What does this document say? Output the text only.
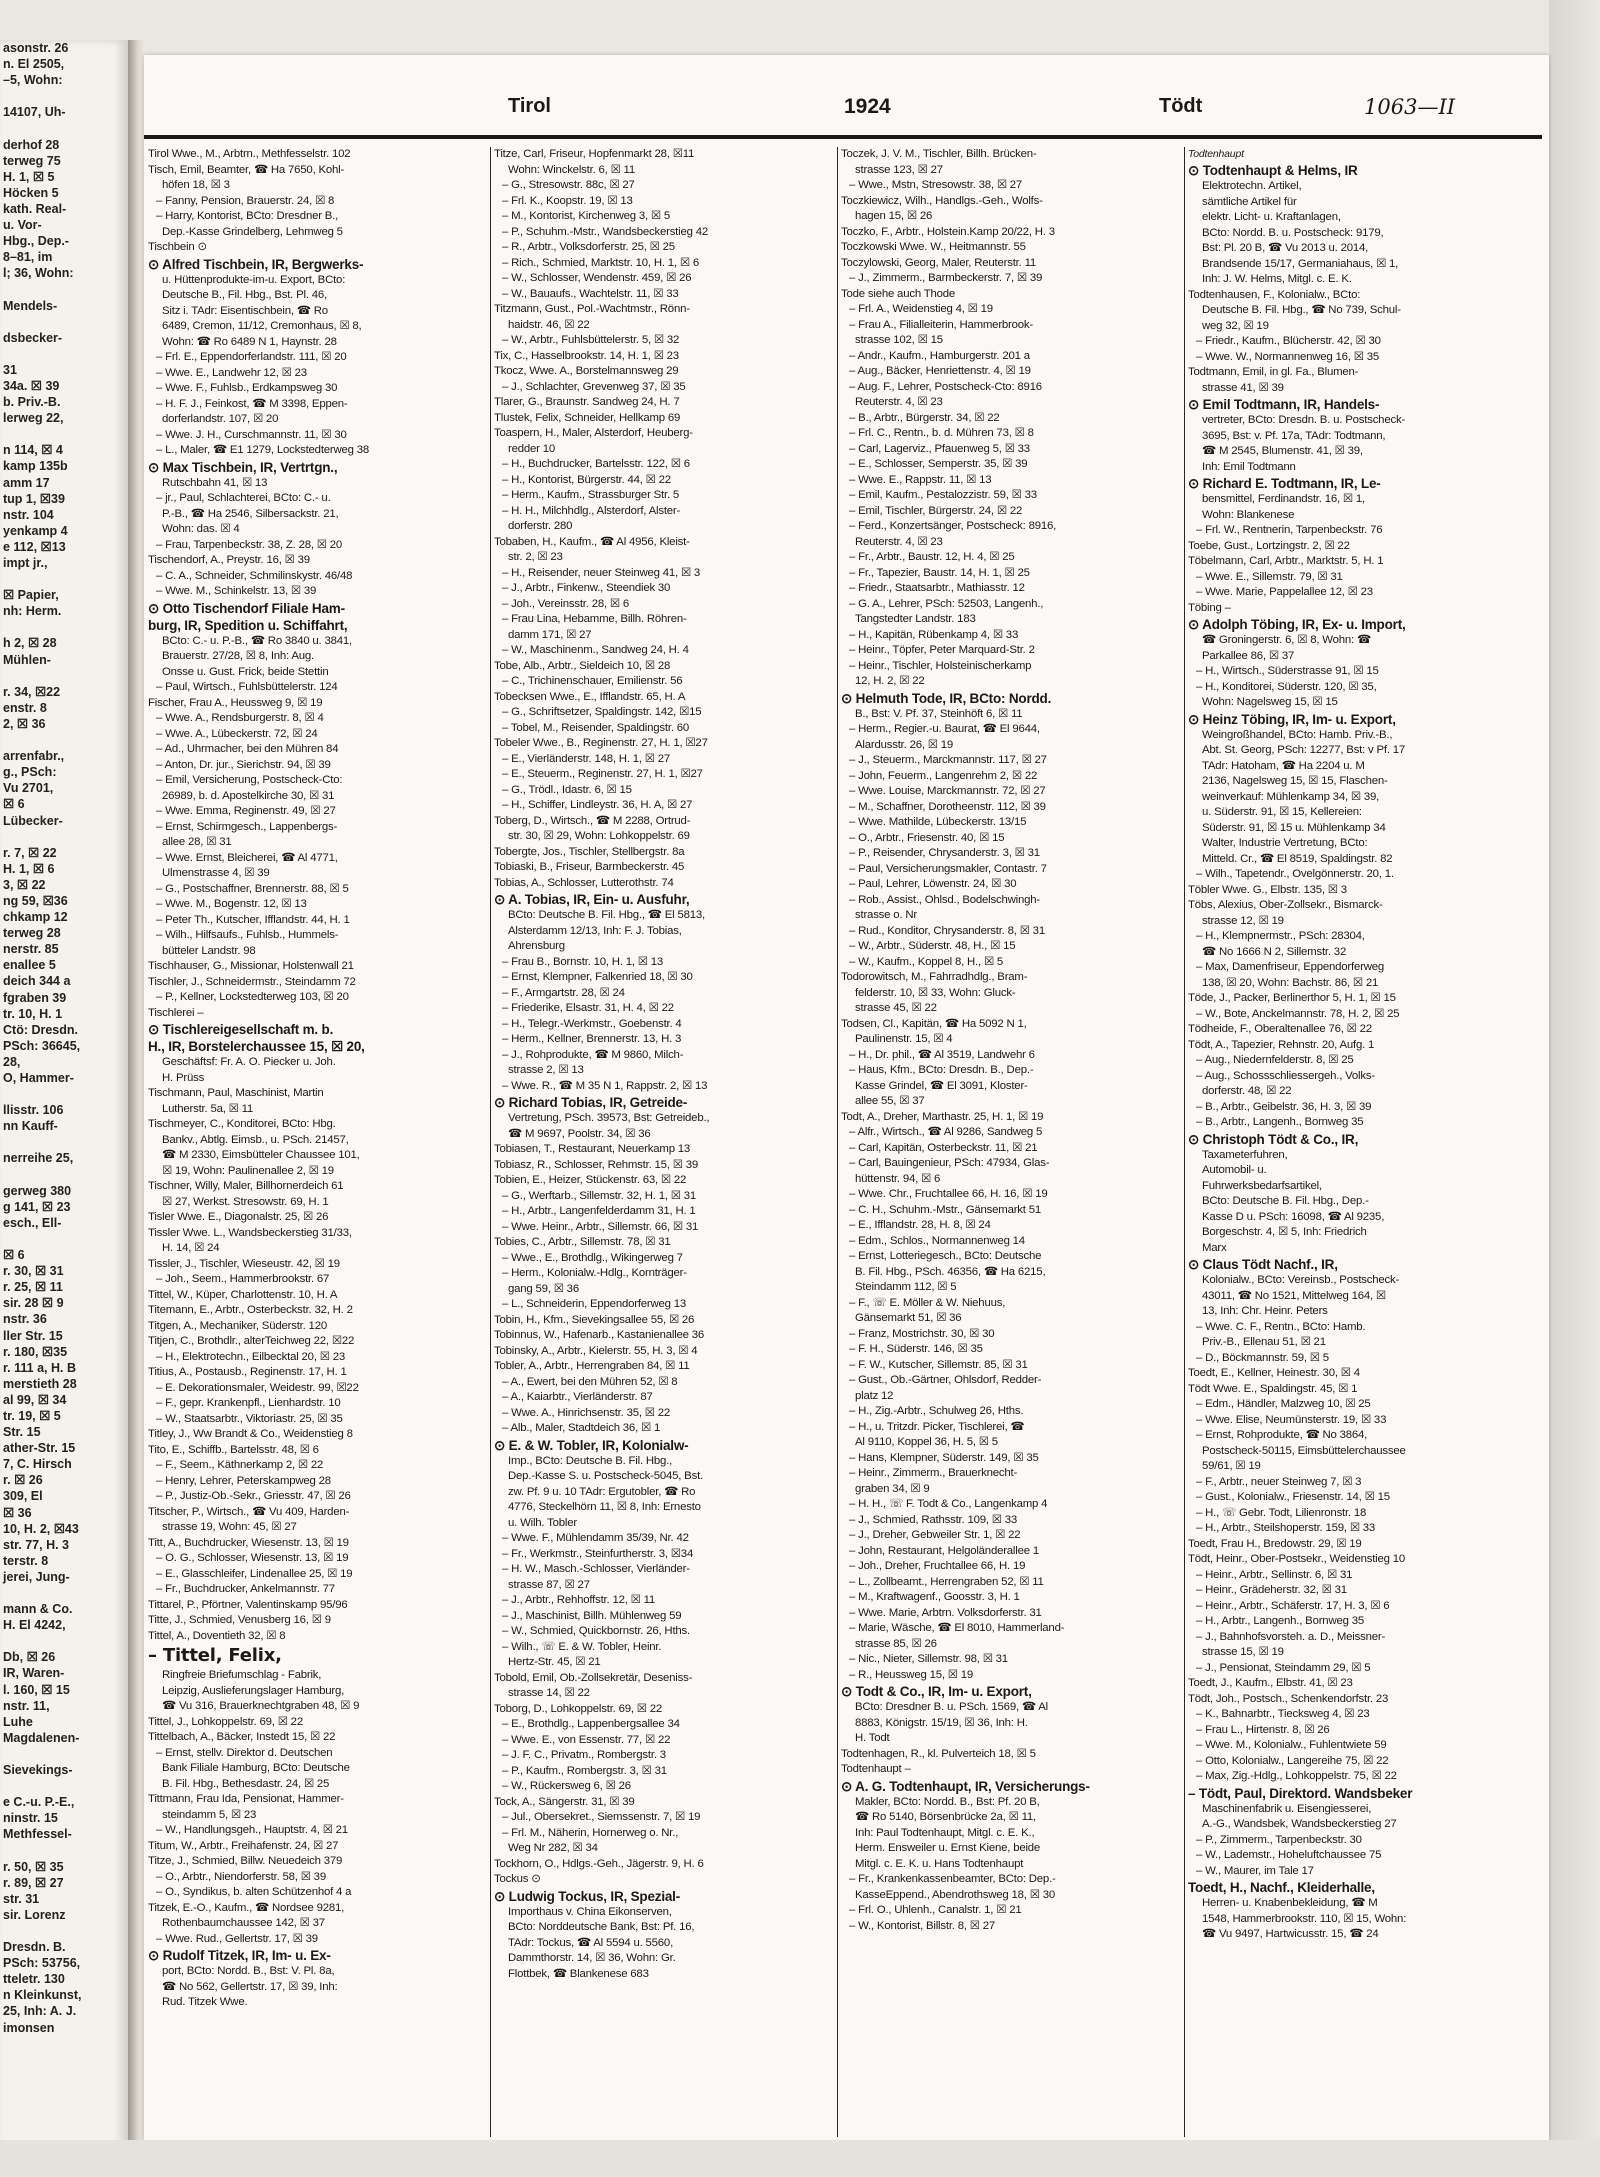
asonstr. 26
n. El 2505,
–5, Wohn:

14107, Uh-

derhof 28
terweg 75
H. 1, ☒ 5
Höcken 5
kath. Real-
u. Vor-
Hbg., Dep.-
8–81, im
l; 36, Wohn:

Mendels-

dsbecker-

31
34a. ☒ 39
b. Priv.-B.
lerweg 22,

n 114, ☒ 4
kamp 135b
amm 17
tup 1, ☒39
nstr. 104
yenkamp 4
e 112, ☒13
impt jr.,

☒ Papier,
nh: Herm.

h 2, ☒ 28
Mühlen-

r. 34, ☒22
enstr. 8
2, ☒ 36

arrenfabr.,
g., PSch:
Vu 2701,
☒ 6
Lübecker-

r. 7, ☒ 22
H. 1, ☒ 6
3, ☒ 22
ng 59, ☒36
chkamp 12
terweg 28
nerstr. 85
enallee 5
deich 344 a
fgraben 39
tr. 10, H. 1
Ctö: Dresdn.
PSch: 36645,
28,
O, Hammer-

llisstr. 106
nn Kauff-

nerreihe 25,

gerweg 380
g 141, ☒ 23
esch., Ell-

☒ 6
r. 30, ☒ 31
r. 25, ☒ 11
sir. 28 ☒ 9
nstr. 36
ller Str. 15
r. 180, ☒35
r. 111 a, H. B
merstieth 28
al 99, ☒ 34
tr. 19, ☒ 5
Str. 15
ather-Str. 15
7, C. Hirsch
r. ☒ 26
309, El
☒ 36
10, H. 2, ☒43
str. 77, H. 3
terstr. 8
jerei, Jung-

mann & Co.
H. El 4242,

Db, ☒ 26
IR, Waren-
l. 160, ☒ 15
nstr. 11,
Luhe
Magdalenen-

Sievekings-

e C.-u. P.-E.,
ninstr. 15
Methfessel-

r. 50, ☒ 35
r. 89, ☒ 27
str. 31
sir. Lorenz

Dresdn. B.
PSch: 53756,
tteletr. 130
n Kleinkunst,
25, Inh: A. J.
imonsen
Tirol	1924	Tödt	1063—II
Tirol Wwe., M., Arbtrn., Methfesselstr. 102
Tisch, Emil, Beamter, ☎ Ha 7650, Kohl-
höfen 18, ☒ 3
– Fanny, Pension, Brauerstr. 24, ☒ 8
– Harry, Kontorist, BCto: Dresdner B.,
Dep.-Kasse Grindelberg, Lehmweg 5
Tischbein ⊙
⊙ Alfred Tischbein, IR, Bergwerks-
u. Hüttenprodukte-im-u. Export, BCto:
Deutsche B., Fil. Hbg., Bst. Pl. 46,
Sitz i. TAdr: Eisentischbein, ☎ Ro
6489, Cremon, 11/12, Cremonhaus, ☒ 8,
Wohn: ☎ Ro 6489 N 1, Haynstr. 28
– Frl. E., Eppendorferlandstr. 111, ☒ 20
– Wwe. E., Landwehr 12, ☒ 23
– Wwe. F., Fuhlsb., Erdkampsweg 30
– H. F. J., Feinkost, ☎ M 3398, Eppen-
dorferlandstr. 107, ☒ 20
– Wwe. J. H., Curschmannstr. 11, ☒ 30
– L., Maler, ☎ E1 1279, Lockstedterweg 38
⊙ Max Tischbein, IR, Vertrtgn.,
Rutschbahn 41, ☒ 13
– jr., Paul, Schlachterei, BCto: C.- u.
P.-B., ☎ Ha 2546, Silbersackstr. 21,
Wohn: das. ☒ 4
– Frau, Tarpenbeckstr. 38, Z. 28, ☒ 20
Tischendorf, A., Preystr. 16, ☒ 39
– C. A., Schneider, Schmilinskystr. 46/48
– Wwe. M., Schinkelstr. 13, ☒ 39
⊙ Otto Tischendorf Filiale Ham-
burg, IR, Spedition u. Schiffahrt,
BCto: C.- u. P.-B., ☎ Ro 3840 u. 3841,
Brauerstr. 27/28, ☒ 8, Inh: Aug.
Onsse u. Gust. Frick, beide Stettin
– Paul, Wirtsch., Fuhlsbüttelerstr. 124
Fischer, Frau A., Heussweg 9, ☒ 19
– Wwe. A., Rendsburgerstr. 8, ☒ 4
– Wwe. A., Lübeckerstr. 72, ☒ 24
– Ad., Uhrmacher, bei den Mühren 84
– Anton, Dr. jur., Sierichstr. 94, ☒ 39
– Emil, Versicherung, Postscheck-Cto:
26989, b. d. Apostelkirche 30, ☒ 31
– Wwe. Emma, Reginenstr. 49, ☒ 27
– Ernst, Schirmgesch., Lappenbergs-
allee 28, ☒ 31
– Wwe. Ernst, Bleicherei, ☎ Al 4771,
Ulmenstrasse 4, ☒ 39
– G., Postschaffner, Brennerstr. 88, ☒ 5
– Wwe. M., Bogenstr. 12, ☒ 13
– Peter Th., Kutscher, Ifflandstr. 44, H. 1
– Wilh., Hilfsaufs., Fuhlsb., Hummels-
bütteler Landstr. 98
Tischhauser, G., Missionar, Holstenwall 21
Tischler, J., Schneidermstr., Steindamm 72
– P., Kellner, Lockstedterweg 103, ☒ 20
Tischlerei –
⊙ Tischlereigesellschaft m. b.
H., IR, Borstelerchaussee 15, ☒ 20,
Geschäftsf: Fr. A. O. Piecker u. Joh.
H. Prüss
Tischmann, Paul, Maschinist, Martin
Lutherstr. 5a, ☒ 11
Tischmeyer, C., Konditorei, BCto: Hbg.
Bankv., Abtlg. Eimsb., u. PSch. 21457,
☎ M 2330, Eimsbütteler Chaussee 101,
☒ 19, Wohn: Paulinenallee 2, ☒ 19
Tischner, Willy, Maler, Billhornerdeich 61
☒ 27, Werkst. Stresowstr. 69, H. 1
Tisler Wwe. E., Diagonalstr. 25, ☒ 26
Tissler Wwe. L., Wandsbeckerstieg 31/33,
H. 14, ☒ 24
Tissler, J., Tischler, Wieseustr. 42, ☒ 19
– Joh., Seem., Hammerbrookstr. 67
Tittel, W., Küper, Charlottenstr. 10, H. A
Titemann, E., Arbtr., Osterbeckstr. 32, H. 2
Titgen, A., Mechaniker, Süderstr. 120
Titjen, C., Brothdlr., alterTeichweg 22, ☒22
– H., Elektrotechn., Eilbecktal 20, ☒ 23
Titius, A., Postausb., Reginenstr. 17, H. 1
– E. Dekorationsmaler, Weidestr. 99, ☒22
– F., gepr. Krankenpfl., Lienhardstr. 10
– W., Staatsarbtr., Viktoriastr. 25, ☒ 35
Titley, J., Ww Brandt & Co., Weidenstieg 8
Tito, E., Schiffb., Bartelsstr. 48, ☒ 6
– F., Seem., Käthnerkamp 2, ☒ 22
– Henry, Lehrer, Peterskampweg 28
– P., Justiz-Ob.-Sekr., Griesstr. 47, ☒ 26
Titscher, P., Wirtsch., ☎ Vu 409, Harden-
strasse 19, Wohn: 45, ☒ 27
Titt, A., Buchdrucker, Wiesenstr. 13, ☒ 19
– O. G., Schlosser, Wiesenstr. 13, ☒ 19
– E., Glasschleifer, Lindenallee 25, ☒ 19
– Fr., Buchdrucker, Ankelmannstr. 77
Tittarel, P., Pförtner, Valentinskamp 95/96
Titte, J., Schmied, Venusberg 16, ☒ 9
Tittel, A., Doventieth 32, ☒ 8
– Tittel, Felix,
Ringfreie Briefumschlag - Fabrik,
Leipzig, Auslieferungslager Hamburg,
☎ Vu 316, Brauerknechtgraben 48, ☒ 9
Tittel, J., Lohkoppelstr. 69, ☒ 22
Tittelbach, A., Bäcker, Instedt 15, ☒ 22
– Ernst, stellv. Direktor d. Deutschen
Bank Filiale Hamburg, BCto: Deutsche
B. Fil. Hbg., Bethesdastr. 24, ☒ 25
Tittmann, Frau Ida, Pensionat, Hammer-
steindamm 5, ☒ 23
– W., Handlungsgeh., Hauptstr. 4, ☒ 21
Titum, W., Arbtr., Freihafenstr. 24, ☒ 27
Titze, J., Schmied, Billw. Neuedeich 379
– O., Arbtr., Niendorferstr. 58, ☒ 39
– O., Syndikus, b. alten Schützenhof 4 a
Titzek, E.-O., Kaufm., ☎ Nordsee 9281,
Rothenbaumchaussee 142, ☒ 37
– Wwe. Rud., Gellertstr. 17, ☒ 39
⊙ Rudolf Titzek, IR, Im- u. Ex-
port, BCto: Nordd. B., Bst: V. Pl. 8a,
☎ No 562, Gellertstr. 17, ☒ 39, Inh:
Rud. Titzek Wwe.
Titze, Carl, Friseur, Hopfenmarkt 28, ☒11
Wohn: Winckelstr. 6, ☒ 11
– G., Stresowstr. 88c, ☒ 27
– Frl. K., Koopstr. 19, ☒ 13
– M., Kontorist, Kirchenweg 3, ☒ 5
– P., Schuhm.-Mstr., Wandsbeckerstieg 42
– R., Arbtr., Volksdorferstr. 25, ☒ 25
– Rich., Schmied, Marktstr. 10, H. 1, ☒ 6
– W., Schlosser, Wendenstr. 459, ☒ 26
– W., Bauaufs., Wachtelstr. 11, ☒ 33
Titzmann, Gust., Pol.-Wachtmstr., Rönn-
haidstr. 46, ☒ 22
– W., Arbtr., Fuhlsbüttelerstr. 5, ☒ 32
Tix, C., Hasselbrookstr. 14, H. 1, ☒ 23
Tkocz, Wwe. A., Borstelmannsweg 29
– J., Schlachter, Grevenweg 37, ☒ 35
Tlarer, G., Braunstr. Sandweg 24, H. 7
Tlustek, Felix, Schneider, Hellkamp 69
Toaspern, H., Maler, Alsterdorf, Heuberg-
redder 10
– H., Buchdrucker, Bartelsstr. 122, ☒ 6
– H., Kontorist, Bürgerstr. 44, ☒ 22
– Herm., Kaufm., Strassburger Str. 5
– H. H., Milchhdlg., Alsterdorf, Alster-
dorferstr. 280
Tobaben, H., Kaufm., ☎ Al 4956, Kleist-
str. 2, ☒ 23
– H., Reisender, neuer Steinweg 41, ☒ 3
– J., Arbtr., Finkenw., Steendiek 30
– Joh., Vereinsstr. 28, ☒ 6
– Frau Lina, Hebamme, Billh. Röhren-
damm 171, ☒ 27
– W., Maschinenm., Sandweg 24, H. 4
Tobe, Alb., Arbtr., Sieldeich 10, ☒ 28
– C., Trichinenschauer, Emilienstr. 56
Tobecksen Wwe., E., Ifflandstr. 65, H. A
– G., Schriftsetzer, Spaldingstr. 142, ☒15
– Tobel, M., Reisender, Spaldingstr. 60
Tobeler Wwe., B., Reginenstr. 27, H. 1, ☒27
– E., Vierländerstr. 148, H. 1, ☒ 27
– E., Steuerm., Reginenstr. 27, H. 1, ☒27
– G., Trödl., Idastr. 6, ☒ 15
– H., Schiffer, Lindleystr. 36, H. A, ☒ 27
Toberg, D., Wirtsch., ☎ M 2288, Ortrud-
str. 30, ☒ 29, Wohn: Lohkoppelstr. 69
Tobergte, Jos., Tischler, Stellbergstr. 8a
Tobiaski, B., Friseur, Barmbeckerstr. 45
Tobias, A., Schlosser, Lutterothstr. 74
⊙ A. Tobias, IR, Ein- u. Ausfuhr,
BCto: Deutsche B. Fil. Hbg., ☎ El 5813,
Alsterdamm 12/13, Inh: F. J. Tobias,
Ahrensburg
– Frau B., Bornstr. 10, H. 1, ☒ 13
– Ernst, Klempner, Falkenried 18, ☒ 30
– F., Armgartstr. 28, ☒ 24
– Friederike, Elsastr. 31, H. 4, ☒ 22
– H., Telegr.-Werkmstr., Goebenstr. 4
– Herm., Kellner, Brennerstr. 13, H. 3
– J., Rohprodukte, ☎ M 9860, Milch-
strasse 2, ☒ 13
– Wwe. R., ☎ M 35 N 1, Rappstr. 2, ☒ 13
⊙ Richard Tobias, IR, Getreide-
Vertretung, PSch. 39573, Bst: Getreideb.,
☎ M 9697, Poolstr. 34, ☒ 36
Tobiasen, T., Restaurant, Neuerkamp 13
Tobiasz, R., Schlosser, Rehmstr. 15, ☒ 39
Tobien, E., Heizer, Stückenstr. 63, ☒ 22
– G., Werftarb., Sillemstr. 32, H. 1, ☒ 31
– H., Arbtr., Langenfelderdamm 31, H. 1
– Wwe. Heinr., Arbtr., Sillemstr. 66, ☒ 31
Tobies, C., Arbtr., Sillemstr. 78, ☒ 31
– Wwe., E., Brothdlg., Wikingerweg 7
– Herm., Kolonialw.-Hdlg., Kornträger-
gang 59, ☒ 36
– L., Schneiderin, Eppendorferweg 13
Tobin, H., Kfm., Sievekingsallee 55, ☒ 26
Tobinnus, W., Hafenarb., Kastanienallee 36
Tobinsky, A., Arbtr., Kielerstr. 55, H. 3, ☒ 4
Tobler, A., Arbtr., Herrengraben 84, ☒ 11
– A., Ewert, bei den Mühren 52, ☒ 8
– A., Kaiarbtr., Vierländerstr. 87
– Wwe. A., Hinrichsenstr. 35, ☒ 22
– Alb., Maler, Stadtdeich 36, ☒ 1
⊙ E. & W. Tobler, IR, Kolonialw-
Imp., BCto: Deutsche B. Fil. Hbg.,
Dep.-Kasse S. u. Postscheck-5045, Bst.
zw. Pf. 9 u. 10 TAdr: Ergutobler, ☎ Ro
4776, Steckelhörn 11, ☒ 8, Inh: Ernesto
u. Wilh. Tobler
– Wwe. F., Mühlendamm 35/39, Nr. 42
– Fr., Werkmstr., Steinfurtherstr. 3, ☒34
– H. W., Masch.-Schlosser, Vierländer-
strasse 87, ☒ 27
– J., Arbtr., Rehhoffstr. 12, ☒ 11
– J., Maschinist, Billh. Mühlenweg 59
– W., Schmied, Quickbornstr. 26, Hths.
– Wilh., ☏ E. & W. Tobler, Heinr.
Hertz-Str. 45, ☒ 21
Tobold, Emil, Ob.-Zollsekretär, Deseniss-
strasse 14, ☒ 22
Toborg, D., Lohkoppelstr. 69, ☒ 22
– E., Brothdlg., Lappenbergsallee 34
– Wwe. E., von Essenstr. 77, ☒ 22
– J. F. C., Privatm., Rombergstr. 3
– P., Kaufm., Rombergstr. 3, ☒ 31
– W., Rückersweg 6, ☒ 26
Tock, A., Sängerstr. 31, ☒ 39
– Jul., Obersekret., Siemssenstr. 7, ☒ 19
– Frl. M., Näherin, Hornerweg o. Nr.,
Weg Nr 282, ☒ 34
Tockhorn, O., Hdlgs.-Geh., Jägerstr. 9, H. 6
Tockus ⊙
⊙ Ludwig Tockus, IR, Spezial-
Importhaus v. China Eikonserven,
BCto: Norddeutsche Bank, Bst: Pf. 16,
TAdr: Tockus, ☎ Al 5594 u. 5560,
Dammthorstr. 14, ☒ 36, Wohn: Gr.
Flottbek, ☎ Blankenese 683
Toczek, J. V. M., Tischler, Billh. Brücken-
strasse 123, ☒ 27
– Wwe., Mstn, Stresowstr. 38, ☒ 27
Toczkiewicz, Wilh., Handlgs.-Geh., Wolfs-
hagen 15, ☒ 26
Toczko, F., Arbtr., Holstein.Kamp 20/22, H. 3
Toczkowski Wwe. W., Heitmannstr. 55
Toczylowski, Georg, Maler, Reuterstr. 11
– J., Zimmerm., Barmbeckerstr. 7, ☒ 39
Tode siehe auch Thode
– Frl. A., Weidenstieg 4, ☒ 19
– Frau A., Filialleiterin, Hammerbrook-
strasse 102, ☒ 15
– Andr., Kaufm., Hamburgerstr. 201 a
– Aug., Bäcker, Henriettenstr. 4, ☒ 19
– Aug. F., Lehrer, Postscheck-Cto: 8916
Reuterstr. 4, ☒ 23
– B., Arbtr., Bürgerstr. 34, ☒ 22
– Frl. C., Rentn., b. d. Mühren 73, ☒ 8
– Carl, Lagerviz., Pfauenweg 5, ☒ 33
– E., Schlosser, Semperstr. 35, ☒ 39
– Wwe. E., Rappstr. 11, ☒ 13
– Emil, Kaufm., Pestalozzistr. 59, ☒ 33
– Emil, Tischler, Bürgerstr. 24, ☒ 22
– Ferd., Konzertsänger, Postscheck: 8916,
Reuterstr. 4, ☒ 23
– Fr., Arbtr., Baustr. 12, H. 4, ☒ 25
– Fr., Tapezier, Baustr. 14, H. 1, ☒ 25
– Friedr., Staatsarbtr., Mathiasstr. 12
– G. A., Lehrer, PSch: 52503, Langenh.,
Tangstedter Landstr. 183
– H., Kapitän, Rübenkamp 4, ☒ 33
– Heinr., Töpfer, Peter Marquard-Str. 2
– Heinr., Tischler, Holsteinischerkamp
12, H. 2, ☒ 22
⊙ Helmuth Tode, IR, BCto: Nordd.
B., Bst: V. Pf. 37, Steinhöft 6, ☒ 11
– Herm., Regier.-u. Baurat, ☎ El 9644,
Alardusstr. 26, ☒ 19
– J., Steuerm., Marckmannstr. 117, ☒ 27
– John, Feuerm., Langenrehm 2, ☒ 22
– Wwe. Louise, Marckmannstr. 72, ☒ 27
– M., Schaffner, Dorotheenstr. 112, ☒ 39
– Wwe. Mathilde, Lübeckerstr. 13/15
– O., Arbtr., Friesenstr. 40, ☒ 15
– P., Reisender, Chrysanderstr. 3, ☒ 31
– Paul, Versicherungsmakler, Contastr. 7
– Paul, Lehrer, Löwenstr. 24, ☒ 30
– Rob., Assist., Ohlsd., Bodelschwingh-
strasse o. Nr
– Rud., Konditor, Chrysanderstr. 8, ☒ 31
– W., Arbtr., Süderstr. 48, H., ☒ 15
– W., Kaufm., Koppel 8, H., ☒ 5
Todorowitsch, M., Fahrradhdlg., Bram-
felderstr. 10, ☒ 33, Wohn: Gluck-
strasse 45, ☒ 22
Todsen, Cl., Kapitän, ☎ Ha 5092 N 1,
Paulinenstr. 15, ☒ 4
– H., Dr. phil., ☎ Al 3519, Landwehr 6
– Haus, Kfm., BCto: Dresdn. B., Dep.-
Kasse Grindel, ☎ El 3091, Kloster-
allee 55, ☒ 37
Todt, A., Dreher, Marthastr. 25, H. 1, ☒ 19
– Alfr., Wirtsch., ☎ Al 9286, Sandweg 5
– Carl, Kapitän, Osterbeckstr. 11, ☒ 21
– Carl, Bauingenieur, PSch: 47934, Glas-
hüttenstr. 94, ☒ 6
– Wwe. Chr., Fruchtallee 66, H. 16, ☒ 19
– C. H., Schuhm.-Mstr., Gänsemarkt 51
– E., Ifflandstr. 28, H. 8, ☒ 24
– Edm., Schlos., Normannenweg 14
– Ernst, Lotteriegesch., BCto: Deutsche
B. Fil. Hbg., PSch. 46356, ☎ Ha 6215,
Steindamm 112, ☒ 5
– F., ☏ E. Möller & W. Niehuus,
Gänsemarkt 51, ☒ 36
– Franz, Mostrichstr. 30, ☒ 30
– F. H., Süderstr. 146, ☒ 35
– F. W., Kutscher, Sillemstr. 85, ☒ 31
– Gust., Ob.-Gärtner, Ohlsdorf, Redder-
platz 12
– H., Zig.-Arbtr., Schulweg 26, Hths.
– H., u. Tritzdr. Picker, Tischlerei, ☎
Al 9110, Koppel 36, H. 5, ☒ 5
– Hans, Klempner, Süderstr. 149, ☒ 35
– Heinr., Zimmerm., Brauerknecht-
graben 34, ☒ 9
– H. H., ☏ F. Todt & Co., Langenkamp 4
– J., Schmied, Rathsstr. 109, ☒ 33
– J., Dreher, Gebweiler Str. 1, ☒ 22
– John, Restaurant, Helgoländerallee 1
– Joh., Dreher, Fruchtallee 66, H. 19
– L., Zollbeamt., Herrengraben 52, ☒ 11
– M., Kraftwagenf., Goosstr. 3, H. 1
– Wwe. Marie, Arbtrn. Volksdorferstr. 31
– Marie, Wäsche, ☎ El 8010, Hammerland-
strasse 85, ☒ 26
– Nic., Nieter, Sillemstr. 98, ☒ 31
– R., Heussweg 15, ☒ 19
⊙ Todt & Co., IR, Im- u. Export,
BCto: Dresdner B. u. PSch. 1569, ☎ Al
8883, Königstr. 15/19, ☒ 36, Inh: H.
H. Todt
Todtenhagen, R., kl. Pulverteich 18, ☒ 5
Todtenhaupt –
⊙ A. G. Todtenhaupt, IR, Versicherungs-
Makler, BCto: Nordd. B., Bst: Pf. 20 B,
☎ Ro 5140, Börsenbrücke 2a, ☒ 11,
Inh: Paul Todtenhaupt, Mitgl. c. E. K.,
Herm. Ensweiler u. Ernst Kiene, beide
Mitgl. c. E. K. u. Hans Todtenhaupt
– Fr., Krankenkassenbeamter, BCto: Dep.-
KasseEppend., Abendrothsweg 18, ☒ 30
– Frl. O., Uhlenh., Canalstr. 1, ☒ 21
– W., Kontorist, Billstr. 8, ☒ 27
Todtenhaupt
⊙ Todtenhaupt & Helms, IR
Elektrotechn. Artikel,
sämtliche Artikel für
elektr. Licht- u. Kraftanlagen,
BCto: Nordd. B. u. Postscheck: 9179,
Bst: Pl. 20 B, ☎ Vu 2013 u. 2014,
Brandsende 15/17, Germaniahaus, ☒ 1,
Inh: J. W. Helms, Mitgl. c. E. K.
Todtenhausen, F., Kolonialw., BCto:
Deutsche B. Fil. Hbg., ☎ No 739, Schul-
weg 32, ☒ 19
– Friedr., Kaufm., Blücherstr. 42, ☒ 30
– Wwe. W., Normannenweg 16, ☒ 35
Todtmann, Emil, in gl. Fa., Blumen-
strasse 41, ☒ 39
⊙ Emil Todtmann, IR, Handels-
vertreter, BCto: Dresdn. B. u. Postscheck-
3695, Bst: v. Pf. 17a, TAdr: Todtmann,
☎ M 2545, Blumenstr. 41, ☒ 39,
Inh: Emil Todtmann
⊙ Richard E. Todtmann, IR, Le-
bensmittel, Ferdinandstr. 16, ☒ 1,
Wohn: Blankenese
– Frl. W., Rentnerin, Tarpenbeckstr. 76
Toebe, Gust., Lortzingstr. 2, ☒ 22
Töbelmann, Carl, Arbtr., Marktstr. 5, H. 1
– Wwe. E., Sillemstr. 79, ☒ 31
– Wwe. Marie, Pappelallee 12, ☒ 23
Töbing –
⊙ Adolph Töbing, IR, Ex- u. Import,
☎ Groningerstr. 6, ☒ 8, Wohn: ☎
Parkallee 86, ☒ 37
– H., Wirtsch., Süderstrasse 91, ☒ 15
– H., Konditorei, Süderstr. 120, ☒ 35,
Wohn: Nagelsweg 15, ☒ 15
⊙ Heinz Töbing, IR, Im- u. Export,
Weingroßhandel, BCto: Hamb. Priv.-B.,
Abt. St. Georg, PSch: 12277, Bst: v Pf. 17
TAdr: Hatoham, ☎ Ha 2204 u. M
2136, Nagelsweg 15, ☒ 15, Flaschen-
weinverkauf: Mühlenkamp 34, ☒ 39,
u. Süderstr. 91, ☒ 15, Kellereien:
Süderstr. 91, ☒ 15 u. Mühlenkamp 34
Walter, Industrie Vertretung, BCto:
Mitteld. Cr., ☎ El 8519, Spaldingstr. 82
– Wilh., Tapetendr., Ovelgönnerstr. 20, 1.
Töbler Wwe. G., Elbstr. 135, ☒ 3
Töbs, Alexius, Ober-Zollsekr., Bismarck-
strasse 12, ☒ 19
– H., Klempnermstr., PSch: 28304,
☎ No 1666 N 2, Sillemstr. 32
– Max, Damenfriseur, Eppendorferweg
138, ☒ 20, Wohn: Bachstr. 86, ☒ 21
Töde, J., Packer, Berlinerthor 5, H. 1, ☒ 15
– W., Bote, Anckelmannstr. 78, H. 2, ☒ 25
Tödheide, F., Oberaltenallee 76, ☒ 22
Tödt, A., Tapezier, Rehnstr. 20, Aufg. 1
– Aug., Niedernfelderstr. 8, ☒ 25
– Aug., Schossschliessergeh., Volks-
dorferstr. 48, ☒ 22
– B., Arbtr., Geibelstr. 36, H. 3, ☒ 39
– B., Arbtr., Langenh., Bornweg 35
⊙ Christoph Tödt & Co., IR,
Taxameterfuhren,
Automobil- u.
Fuhrwerksbedarfsartikel,
BCto: Deutsche B. Fil. Hbg., Dep.-
Kasse D u. PSch: 16098, ☎ Al 9235,
Borgeschstr. 4, ☒ 5, Inh: Friedrich
Marx
⊙ Claus Tödt Nachf., IR,
Kolonialw., BCto: Vereinsb., Postscheck-
43011, ☎ No 1521, Mittelweg 164, ☒
13, Inh: Chr. Heinr. Peters
– Wwe. C. F., Rentn., BCto: Hamb.
Priv.-B., Ellenau 51, ☒ 21
– D., Böckmannstr. 59, ☒ 5
Toedt, E., Kellner, Heinestr. 30, ☒ 4
Tödt Wwe. E., Spaldingstr. 45, ☒ 1
– Edm., Händler, Malzweg 10, ☒ 25
– Wwe. Elise, Neumünsterstr. 19, ☒ 33
– Ernst, Rohprodukte, ☎ No 3864,
Postscheck-50115, Eimsbüttelerchaussee
59/61, ☒ 19
– F., Arbtr., neuer Steinweg 7, ☒ 3
– Gust., Kolonialw., Friesenstr. 14, ☒ 15
– H., ☏ Gebr. Todt, Lilienronstr. 18
– H., Arbtr., Steilshoperstr. 159, ☒ 33
Toedt, Frau H., Bredowstr. 29, ☒ 19
Tödt, Heinr., Ober-Postsekr., Weidenstieg 10
– Heinr., Arbtr., Sellinstr. 6, ☒ 31
– Heinr., Grädeherstr. 32, ☒ 31
– Heinr., Arbtr., Schäferstr. 17, H. 3, ☒ 6
– H., Arbtr., Langenh., Bornweg 35
– J., Bahnhofsvorsteh. a. D., Meissner-
strasse 15, ☒ 19
– J., Pensionat, Steindamm 29, ☒ 5
Toedt, J., Kaufm., Elbstr. 41, ☒ 23
Tödt, Joh., Postsch., Schenkendorfstr. 23
– K., Bahnarbtr., Tiecksweg 4, ☒ 23
– Frau L., Hirtenstr. 8, ☒ 26
– Wwe. M., Kolonialw., Fuhlentwiete 59
– Otto, Kolonialw., Langereihe 75, ☒ 22
– Max, Zig.-Hdlg., Lohkoppelstr. 75, ☒ 22
– Tödt, Paul, Direktord. Wandsbeker
Maschinenfabrik u. Eisengiesserei,
A.-G., Wandsbek, Wandsbeckerstieg 27
– P., Zimmerm., Tarpenbeckstr. 30
– W., Lademstr., Hoheluftchaussee 75
– W., Maurer, im Tale 17
Toedt, H., Nachf., Kleiderhalle,
Herren- u. Knabenbekleidung, ☎ M
1548, Hammerbrookstr. 110, ☒ 15, Wohn:
☎ Vu 9497, Hartwicusstr. 15, ☎ 24
